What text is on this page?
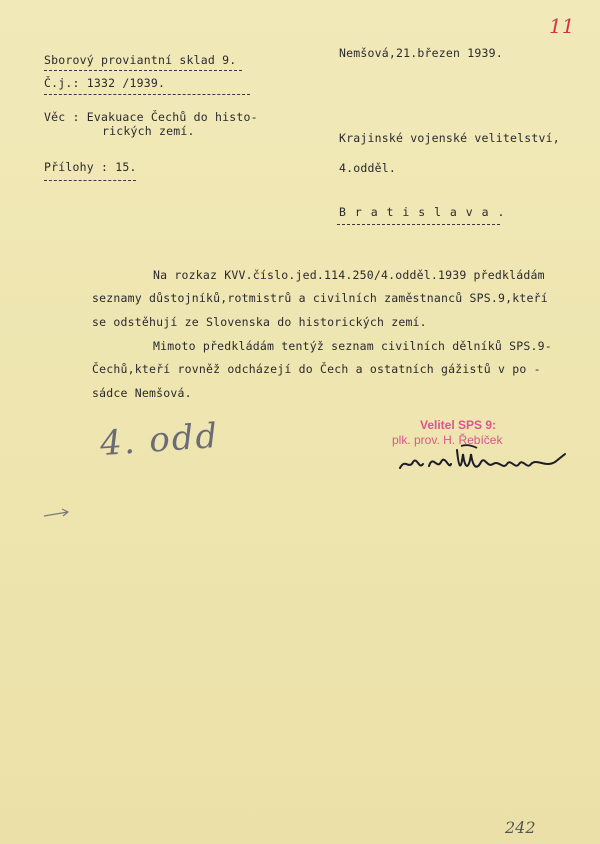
11
Sborový proviantní sklad 9.
Č.j.: 1332 /1939.
Věc : Evakuace Čechů do histo-
rických zemí.
Přílohy : 15.
Nemšová,21.březen 1939.
Krajinské vojenské velitelství,
4.odděl.
B r a t i s l a v a .
Na rozkaz KVV.číslo.jed.114.250/4.odděl.1939 předkládám
seznamy důstojníků,rotmistrů a civilních zaměstnanců SPS.9,kteří
se odstěhují ze Slovenska do historických zemí.
Mimoto předkládám tentýž seznam civilních dělníků SPS.9-
Čechů,kteří rovněž odcházejí do Čech a ostatních gážistů v po -
sádce Nemšová.
4. odd	Velitel SPS 9:
plk. prov. H. Řebíček
242
